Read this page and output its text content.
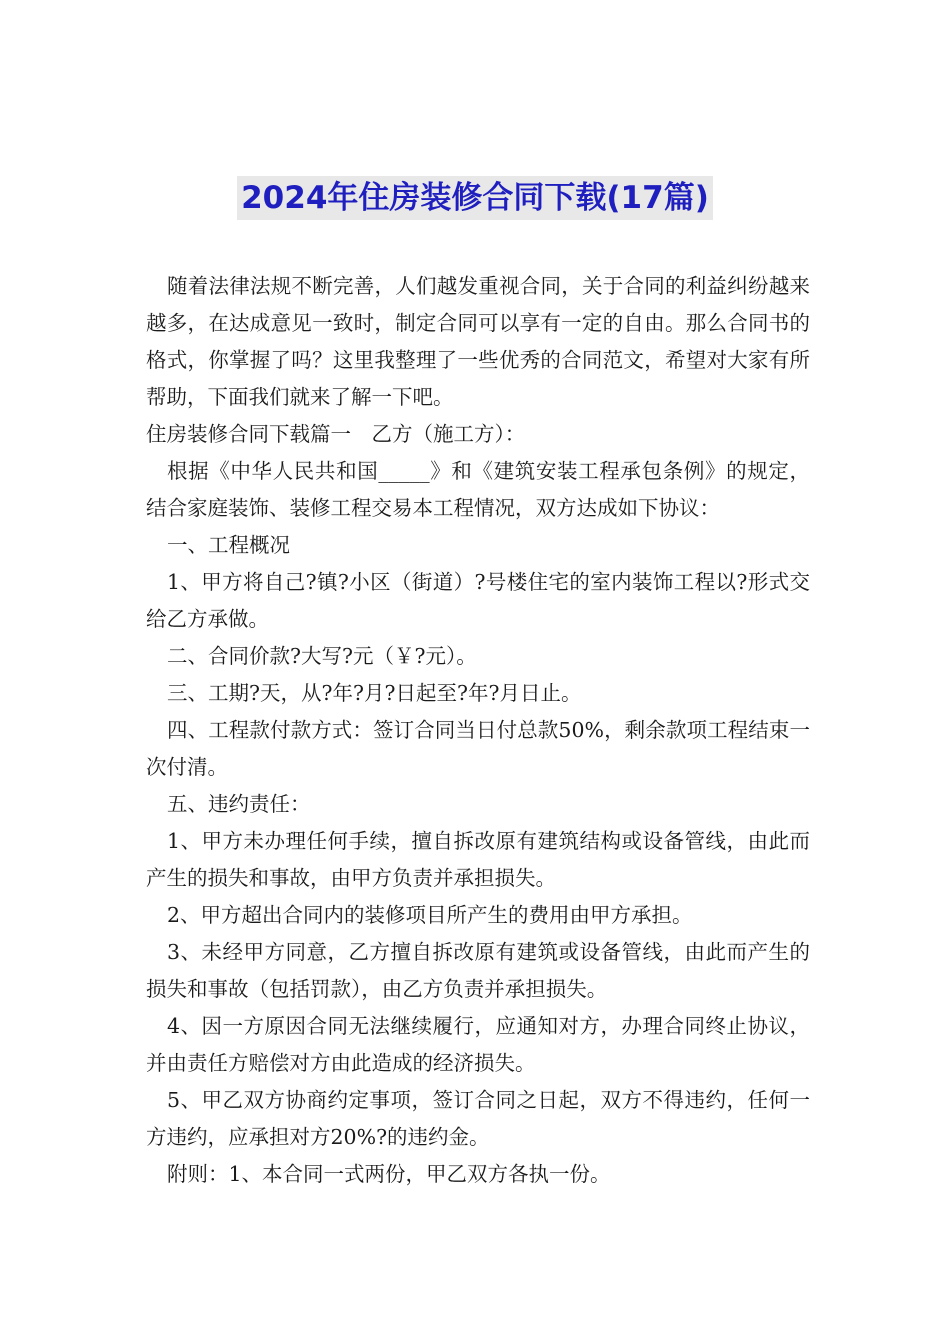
2024年住房装修合同下载(17篇)

随着法律法规不断完善，人们越发重视合同，关于合同的利益纠纷越来越多，在达成意见一致时，制定合同可以享有一定的自由。那么合同书的格式，你掌握了吗？这里我整理了一些优秀的合同范文，希望对大家有所帮助，下面我们就来了解一下吧。

住房装修合同下载篇一　乙方（施工方）：

根据《中华人民共和国_____》和《建筑安装工程承包条例》的规定，结合家庭装饰、装修工程交易本工程情况，双方达成如下协议：

一、工程概况

1、甲方将自己?镇?小区（街道）?号楼住宅的室内装饰工程以?形式交给乙方承做。

二、合同价款?大写?元（￥?元）。

三、工期?天，从?年?月?日起至?年?月日止。

四、工程款付款方式：签订合同当日付总款50%，剩余款项工程结束一次付清。

五、违约责任：

1、甲方未办理任何手续，擅自拆改原有建筑结构或设备管线，由此而产生的损失和事故，由甲方负责并承担损失。

2、甲方超出合同内的装修项目所产生的费用由甲方承担。

3、未经甲方同意，乙方擅自拆改原有建筑或设备管线，由此而产生的损失和事故（包括罚款），由乙方负责并承担损失。

4、因一方原因合同无法继续履行，应通知对方，办理合同终止协议，并由责任方赔偿对方由此造成的经济损失。

5、甲乙双方协商约定事项，签订合同之日起，双方不得违约，任何一方违约，应承担对方20%?的违约金。

附则：1、本合同一式两份，甲乙双方各执一份。
